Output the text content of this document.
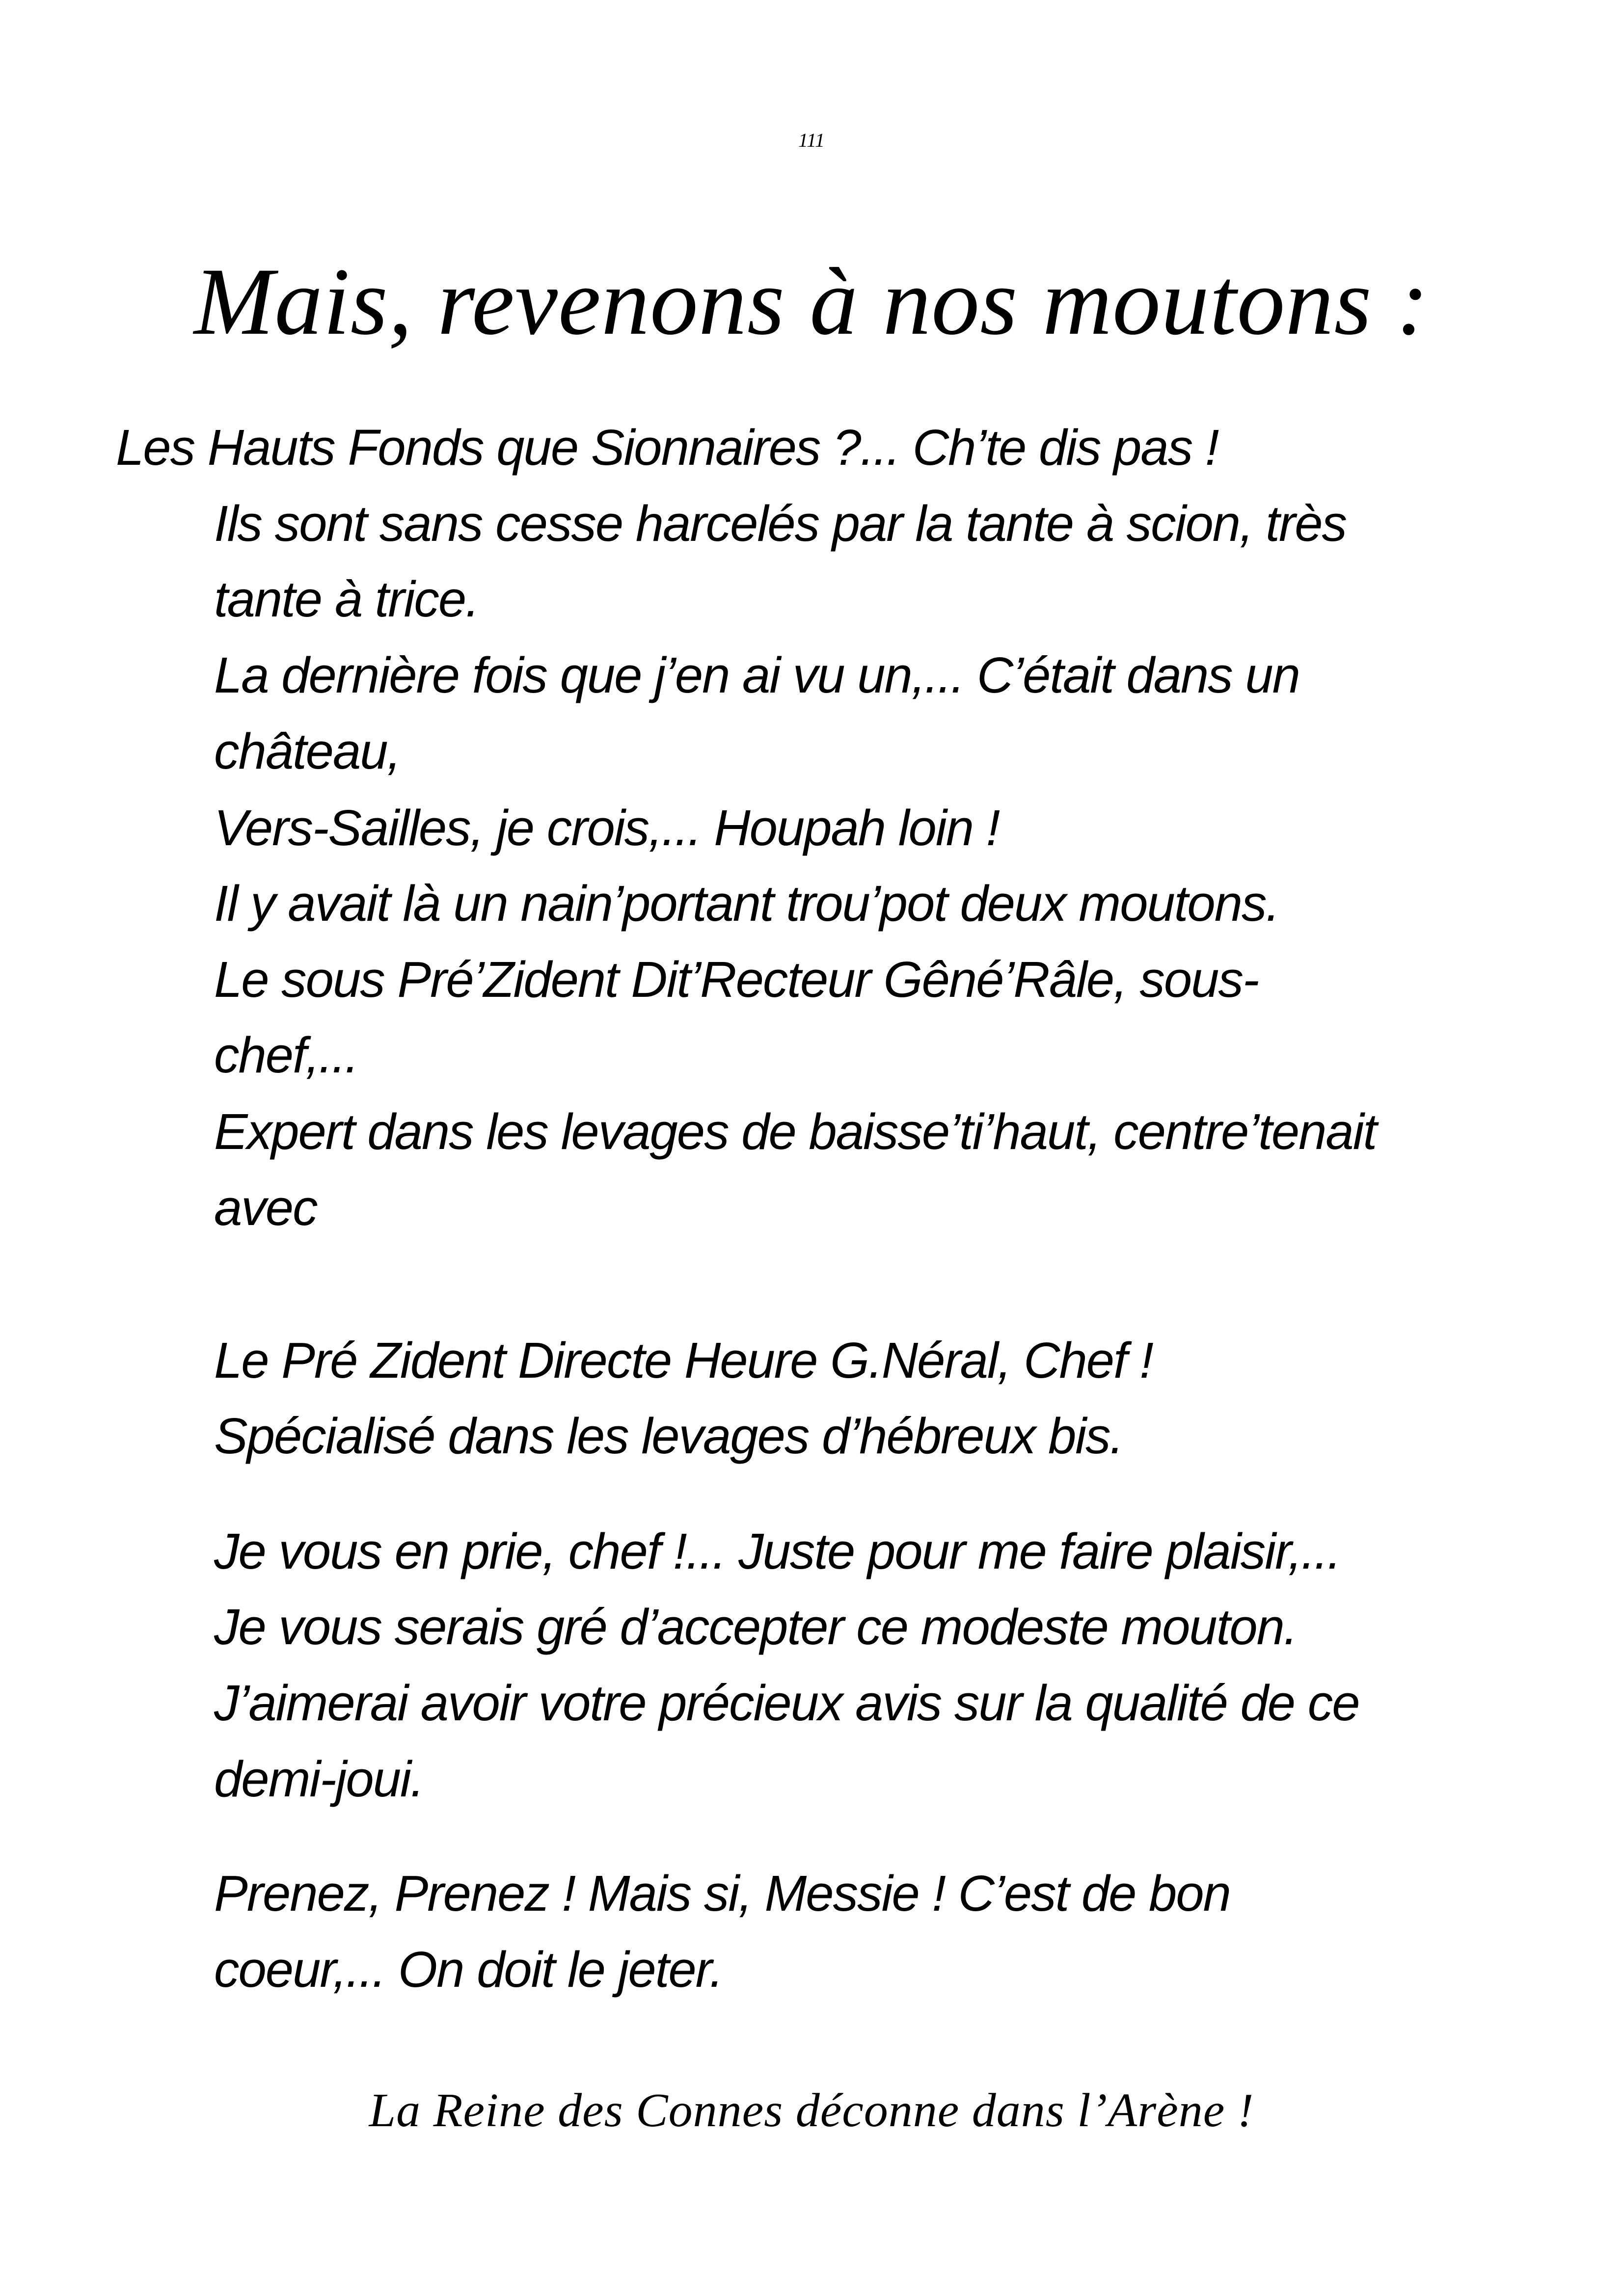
111
Mais, revenons à nos moutons :
Les Hauts Fonds que Sionnaires ?... Ch’te dis pas !
Ils sont sans cesse harcelés par la tante à scion, très
tante à trice.
La dernière fois que j’en ai vu un,... C’était dans un
château,
Vers-Sailles, je crois,... Houpah loin !
Il y avait là un nain’portant trou’pot deux moutons.
Le sous Pré’Zident Dit’Recteur Gêné’Râle, sous-
chef,...
Expert dans les levages de baisse’ti’haut, centre’tenait
avec
Le Pré Zident Directe Heure G.Néral, Chef !
Spécialisé dans les levages d’hébreux bis.
Je vous en prie, chef !... Juste pour me faire plaisir,...
Je vous serais gré d’accepter ce modeste mouton.
J’aimerai avoir votre précieux avis sur la qualité de ce
demi-joui.
Prenez, Prenez ! Mais si, Messie ! C’est de bon
coeur,... On doit le jeter.
La Reine des Connes déconne dans l’Arène !
